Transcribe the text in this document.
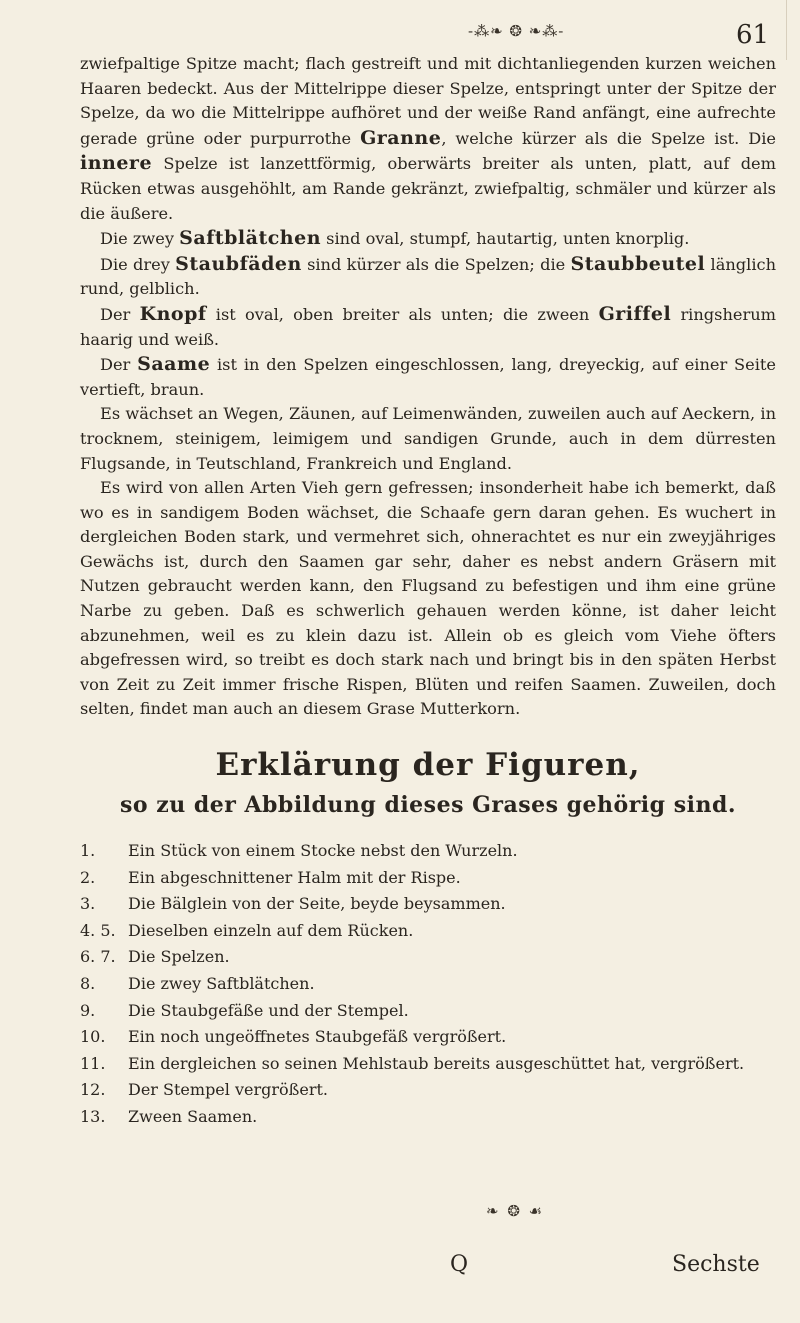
-⁂❧ ❂ ❧⁂-	61

zwiefpaltige Spitze macht; flach gestreift und mit dichtanliegenden kurzen weichen Haaren bedeckt. Aus der Mittelrippe dieser Spelze, entspringt unter der Spitze der Spelze, da wo die Mittelrippe aufhöret und der weiße Rand anfängt, eine aufrechte gerade grüne oder purpurrothe Granne, welche kürzer als die Spelze ist. Die innere Spelze ist lanzettförmig, oberwärts breiter als unten, platt, auf dem Rücken etwas ausgehöhlt, am Rande gekränzt, zwiefpaltig, schmäler und kürzer als die äußere.

Die zwey Saftblätchen sind oval, stumpf, hautartig, unten knorplig.

Die drey Staubfäden sind kürzer als die Spelzen; die Staubbeutel länglich rund, gelblich.

Der Knopf ist oval, oben breiter als unten; die zween Griffel ringsherum haarig und weiß.

Der Saame ist in den Spelzen eingeschlossen, lang, dreyeckig, auf einer Seite vertieft, braun.

Es wächset an Wegen, Zäunen, auf Leimenwänden, zuweilen auch auf Aeckern, in trocknem, steinigem, leimigem und sandigen Grunde, auch in dem dürresten Flugsande, in Teutschland, Frankreich und England.

Es wird von allen Arten Vieh gern gefressen; insonderheit habe ich bemerkt, daß wo es in sandigem Boden wächset, die Schaafe gern daran gehen. Es wuchert in dergleichen Boden stark, und vermehret sich, ohnerachtet es nur ein zweyjähriges Gewächs ist, durch den Saamen gar sehr, daher es nebst andern Gräsern mit Nutzen gebraucht werden kann, den Flugsand zu befestigen und ihm eine grüne Narbe zu geben. Daß es schwerlich gehauen werden könne, ist daher leicht abzunehmen, weil es zu klein dazu ist. Allein ob es gleich vom Viehe öfters abgefressen wird, so treibt es doch stark nach und bringt bis in den späten Herbst von Zeit zu Zeit immer frische Rispen, Blüten und reifen Saamen. Zuweilen, doch selten, findet man auch an diesem Grase Mutterkorn.

Erklärung der Figuren,
so zu der Abbildung dieses Grases gehörig sind.
1. Ein Stück von einem Stocke nebst den Wurzeln.
2. Ein abgeschnittener Halm mit der Rispe.
3. Die Bälglein von der Seite, beyde beysammen.
4. 5. Dieselben einzeln auf dem Rücken.
6. 7. Die Spelzen.
8. Die zwey Saftblätchen.
9. Die Staubgefäße und der Stempel.
10. Ein noch ungeöffnetes Staubgefäß vergrößert.
11. Ein dergleichen so seinen Mehlstaub bereits ausgeschüttet hat, vergrößert.
12. Der Stempel vergrößert.
13. Zween Saamen.
❧ ❂ ☙
Q	Sechste
